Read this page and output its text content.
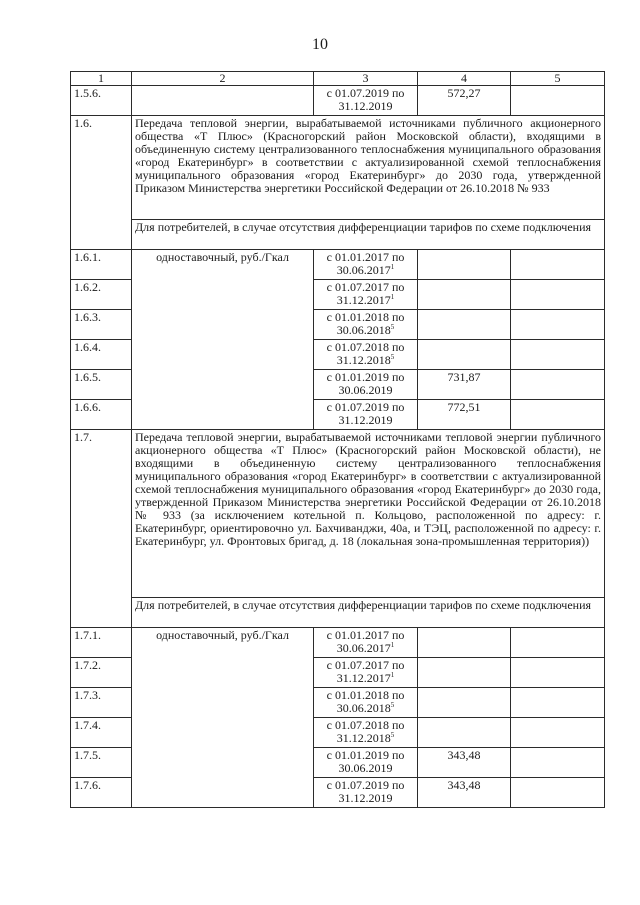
10
1	2	3	4	5
1.5.6.		с 01.07.2019 по 31.12.2019	572,27	
1.6.	Передача тепловой энергии, вырабатываемой источниками публичного акционерного общества «Т Плюс» (Красногорский район Московской области), входящими в объединенную систему централизованного теплоснабжения муниципального образования «город Екатеринбург» в соответствии с актуализированной схемой теплоснабжения муниципального образования «город Екатеринбург» до 2030 года, утвержденной Приказом Министерства энергетики Российской Федерации от 26.10.2018 № 933			
	Для потребителей, в случае отсутствия дифференциации тарифов по схеме подключения			
1.6.1.	одноставочный, руб./Гкал	с 01.01.2017 по 30.06.2017$^1$		
1.6.2.		с 01.07.2017 по 31.12.2017$^1$		
1.6.3.		с 01.01.2018 по 30.06.2018$^5$		
1.6.4.		с 01.07.2018 по 31.12.2018$^5$		
1.6.5.		с 01.01.2019 по 30.06.2019	731,87	
1.6.6.		с 01.07.2019 по 31.12.2019	772,51	
1.7.	Передача тепловой энергии, вырабатываемой источниками тепловой энергии публичного акционерного общества «Т Плюс» (Красногорский район Московской области), не входящими в объединенную систему централизованного теплоснабжения муниципального образования «город Екатеринбург» в соответствии с актуализированной схемой теплоснабжения муниципального образования «город Екатеринбург» до 2030 года, утвержденной Приказом Министерства энергетики Российской Федерации от 26.10.2018 № 933 (за исключением котельной п. Кольцово, расположенной по адресу: г. Екатеринбург, ориентировочно ул. Бахчиванджи, 40а, и ТЭЦ, расположенной по адресу: г. Екатеринбург, ул. Фронтовых бригад, д. 18 (локальная зона-промышленная территория))			
	Для потребителей, в случае отсутствия дифференциации тарифов по схеме подключения			
1.7.1.	одноставочный, руб./Гкал	с 01.01.2017 по 30.06.2017$^1$		
1.7.2.		с 01.07.2017 по 31.12.2017$^1$		
1.7.3.		с 01.01.2018 по 30.06.2018$^5$		
1.7.4.		с 01.07.2018 по 31.12.2018$^5$		
1.7.5.		с 01.01.2019 по 30.06.2019	343,48	
1.7.6.		с 01.07.2019 по 31.12.2019	343,48	
